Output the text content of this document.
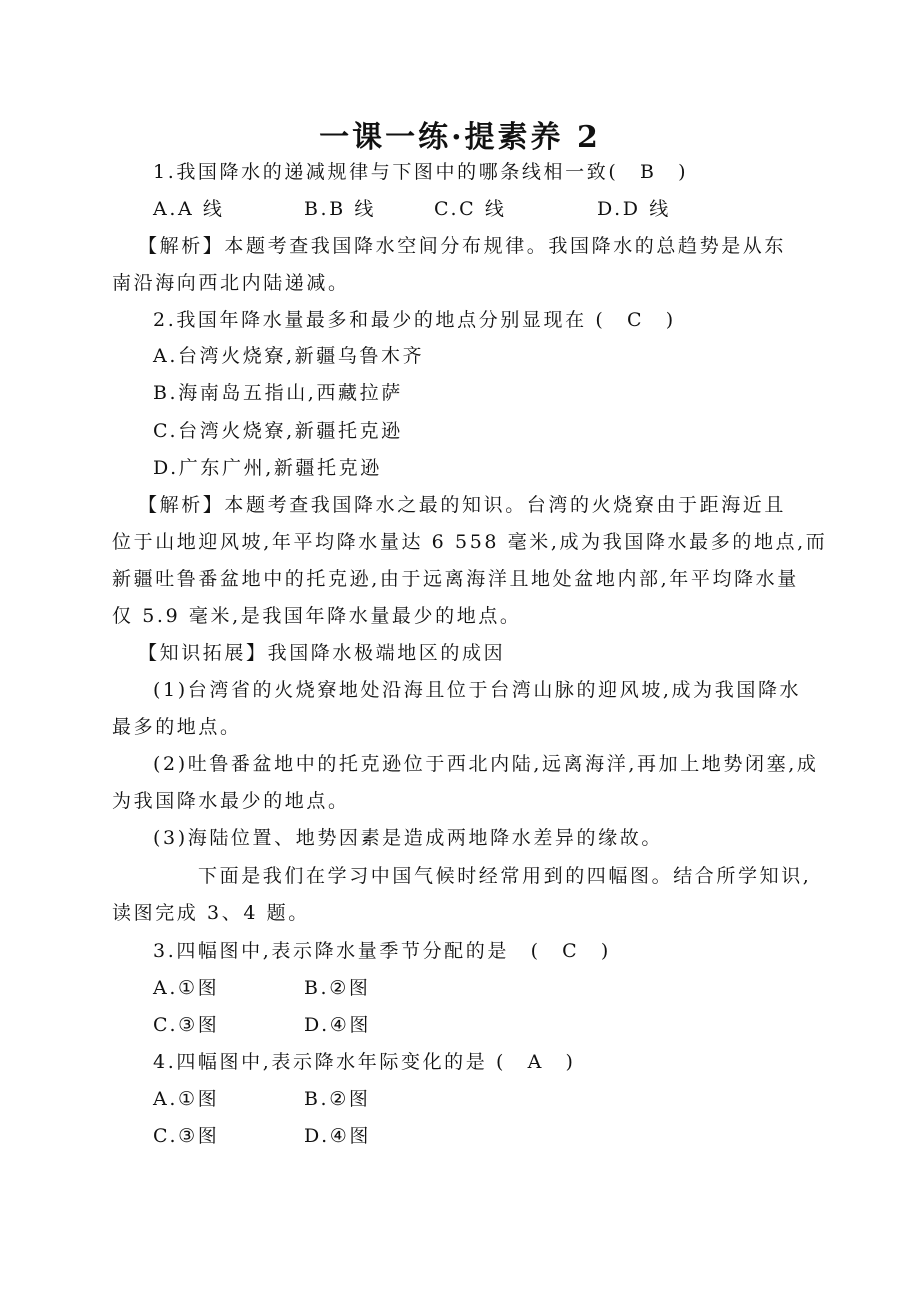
一课一练·提素养 2
1.我国降水的递减规律与下图中的哪条线相一致(　B　)
A.A 线	B.B 线	C.C 线	D.D 线
【解析】本题考查我国降水空间分布规律。我国降水的总趋势是从东
南沿海向西北内陆递减。
2.我国年降水量最多和最少的地点分别显现在 (　C　)
A.台湾火烧寮,新疆乌鲁木齐
B.海南岛五指山,西藏拉萨
C.台湾火烧寮,新疆托克逊
D.广东广州,新疆托克逊
【解析】本题考查我国降水之最的知识。台湾的火烧寮由于距海近且
位于山地迎风坡,年平均降水量达 6 558 毫米,成为我国降水最多的地点,而
新疆吐鲁番盆地中的托克逊,由于远离海洋且地处盆地内部,年平均降水量
仅 5.9 毫米,是我国年降水量最少的地点。
【知识拓展】我国降水极端地区的成因
(1)台湾省的火烧寮地处沿海且位于台湾山脉的迎风坡,成为我国降水
最多的地点。
(2)吐鲁番盆地中的托克逊位于西北内陆,远离海洋,再加上地势闭塞,成
为我国降水最少的地点。
(3)海陆位置、地势因素是造成两地降水差异的缘故。
下面是我们在学习中国气候时经常用到的四幅图。结合所学知识,
读图完成 3、4 题。
3.四幅图中,表示降水量季节分配的是　(　C　)
A.①图	B.②图
C.③图	D.④图
4.四幅图中,表示降水年际变化的是 (　A　)
A.①图	B.②图
C.③图	D.④图
